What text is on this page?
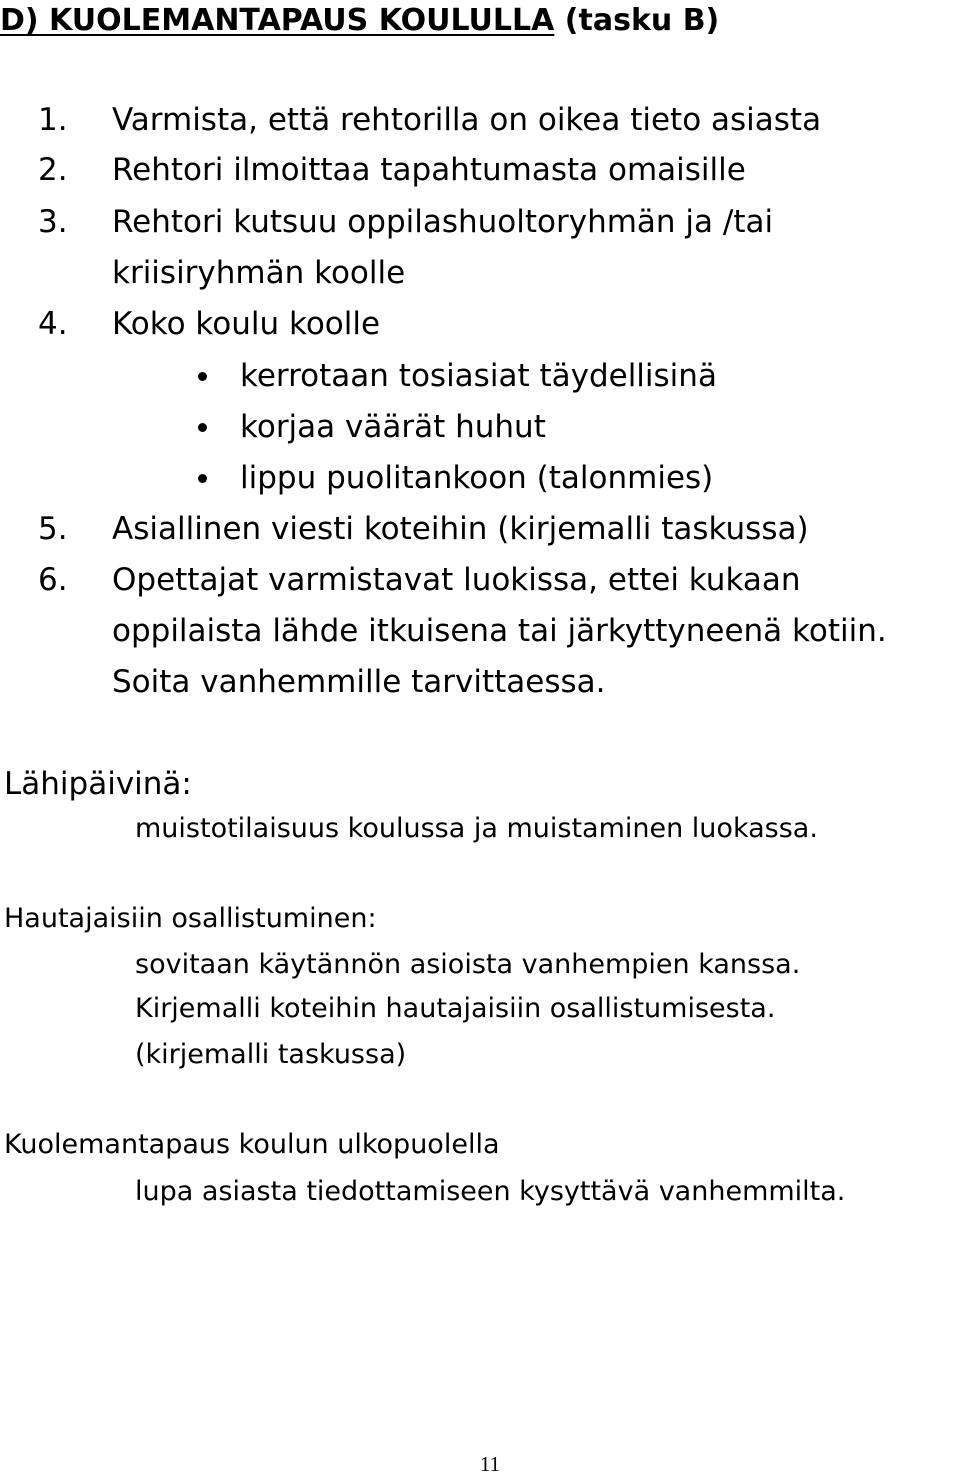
D) KUOLEMANTAPAUS KOULULLA (tasku B)
1. Varmista, että rehtorilla on oikea tieto asiasta
2. Rehtori ilmoittaa tapahtumasta omaisille
3. Rehtori kutsuu oppilashuoltoryhmän ja /tai
kriisiryhmän koolle
4. Koko koulu koolle
kerrotaan tosiasiat täydellisinä
korjaa väärät huhut
lippu puolitankoon (talonmies)
5. Asiallinen viesti koteihin (kirjemalli taskussa)
6. Opettajat varmistavat luokissa, ettei kukaan
oppilaista lähde itkuisena tai järkyttyneenä kotiin.
Soita vanhemmille tarvittaessa.
Lähipäivinä:
muistotilaisuus koulussa ja muistaminen luokassa.
Hautajaisiin osallistuminen:
sovitaan käytännön asioista vanhempien kanssa.
Kirjemalli koteihin hautajaisiin osallistumisesta.
(kirjemalli taskussa)
Kuolemantapaus koulun ulkopuolella
lupa asiasta tiedottamiseen kysyttävä vanhemmilta.
11
